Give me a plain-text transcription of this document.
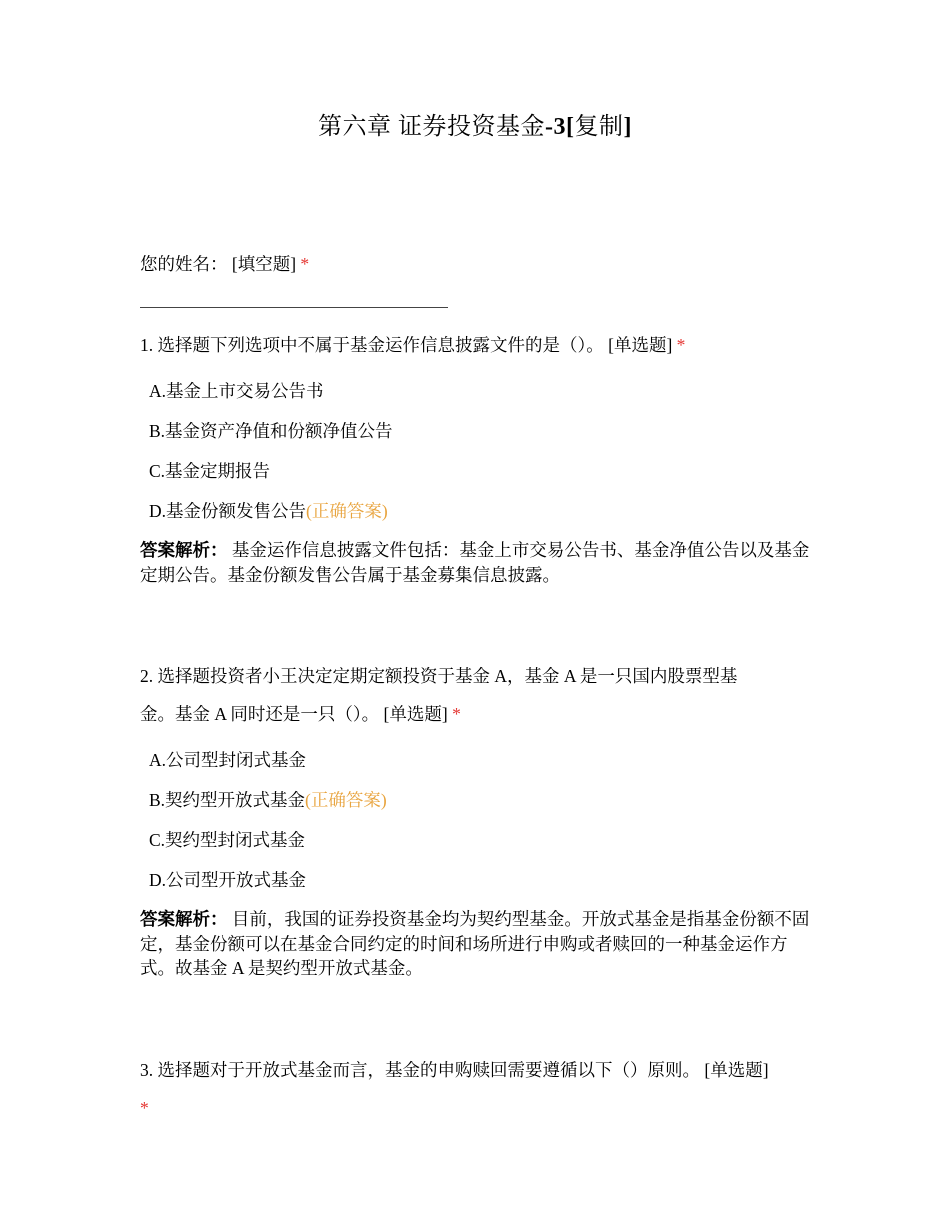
第六章 证券投资基金-3[复制]
您的姓名： [填空题] *
1. 选择题下列选项中不属于基金运作信息披露文件的是（）。 [单选题] *
A.基金上市交易公告书
B.基金资产净值和份额净值公告
C.基金定期报告
D.基金份额发售公告(正确答案)
答案解析： 基金运作信息披露文件包括：基金上市交易公告书、基金净值公告以及基金定期公告。基金份额发售公告属于基金募集信息披露。
2. 选择题投资者小王决定定期定额投资于基金 A，基金 A 是一只国内股票型基
金。基金 A 同时还是一只（）。 [单选题] *
A.公司型封闭式基金
B.契约型开放式基金(正确答案)
C.契约型封闭式基金
D.公司型开放式基金
答案解析： 目前，我国的证券投资基金均为契约型基金。开放式基金是指基金份额不固定，基金份额可以在基金合同约定的时间和场所进行申购或者赎回的一种基金运作方式。故基金 A 是契约型开放式基金。
3. 选择题对于开放式基金而言，基金的申购赎回需要遵循以下（）原则。 [单选题]
*
